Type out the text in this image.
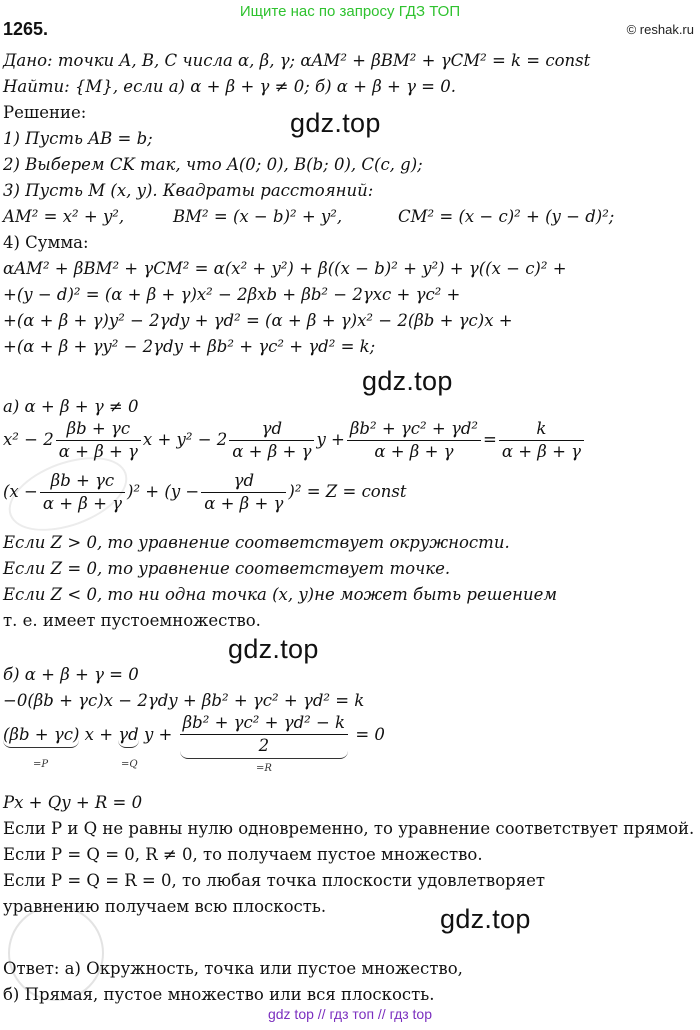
Ищите нас по запросу ГДЗ ТОП
© reshak.ru
1265.
gdz.top
gdz.top
gdz.top
gdz.top
Дано: точки A, B, C числа α, β, γ; αAM² + βBM² + γCM² = k = const
Найти: {M}, если а) α + β + γ ≠ 0; б) α + β + γ = 0.
Решение:
1) Пусть AB = b;
2) Выберем CK так, что A(0; 0), B(b; 0), C(c, g);
3) Пусть M (x, y). Квадраты расстояний:
AM² = x² + y²,	BM² = (x − b)² + y²,	CM² = (x − c)² + (y − d)²;
4) Сумма:
αAM² + βBM² + γCM² = α(x² + y²) + β((x − b)² + y²) + γ((x − c)² +
+(y − d)² = (α + β + γ)x² − 2βxb + βb² − 2γxc + γc² +
+(α + β + γ)y² − 2γdy + γd² = (α + β + γ)x² − 2(βb + γc)x +
+(α + β + γy² − 2γdy + βb² + γc² + γd² = k;
а) α + β + γ ≠ 0
$x^2 - 2 \frac{\beta b + \gamma c}{\alpha + \beta + \gamma}$ $x + y^2 - 2 \frac{\gamma d}{\alpha + \beta + \gamma}$ $y + \frac{\text{βb² + γc² + γd²}}{\alpha + \beta + \gamma} = \frac{k}{\alpha + \beta + \gamma}$
$(x - \frac{\beta b + \gamma c}{\alpha + \beta + \gamma} )^2 + (y - \frac{\gamma d}{\alpha + \beta + \gamma} )^2 = Z$ = const
Если Z > 0, то уравнение соответствует окружности.
Если Z = 0, то уравнение соответствует точке.
Если Z < 0, то ни одна точка (x, y)не может быть решением
т. е. имеет пустоемножество.
б) α + β + γ = 0
−0(βb + γc)x − 2γdy + βb² + γc² + γd² = k
(βb + γc) x + γd $y + \frac{\text{βb² + γc² + γd² − k}}{2} = 0$
=P	=Q	=R
Px + Qy + R = 0
Если P и Q не равны нулю одновременно, то уравнение соответствует прямой.
Если P = Q = 0, R ≠ 0, то получаем пустое множество.
Если P = Q = R = 0, то любая точка плоскости удовлетворяет
уравнению получаем всю плоскость.
Ответ: а) Окружность, точка или пустое множество,
б) Прямая, пустое множество или вся плоскость.
gdz top // гдз топ // гдз top
